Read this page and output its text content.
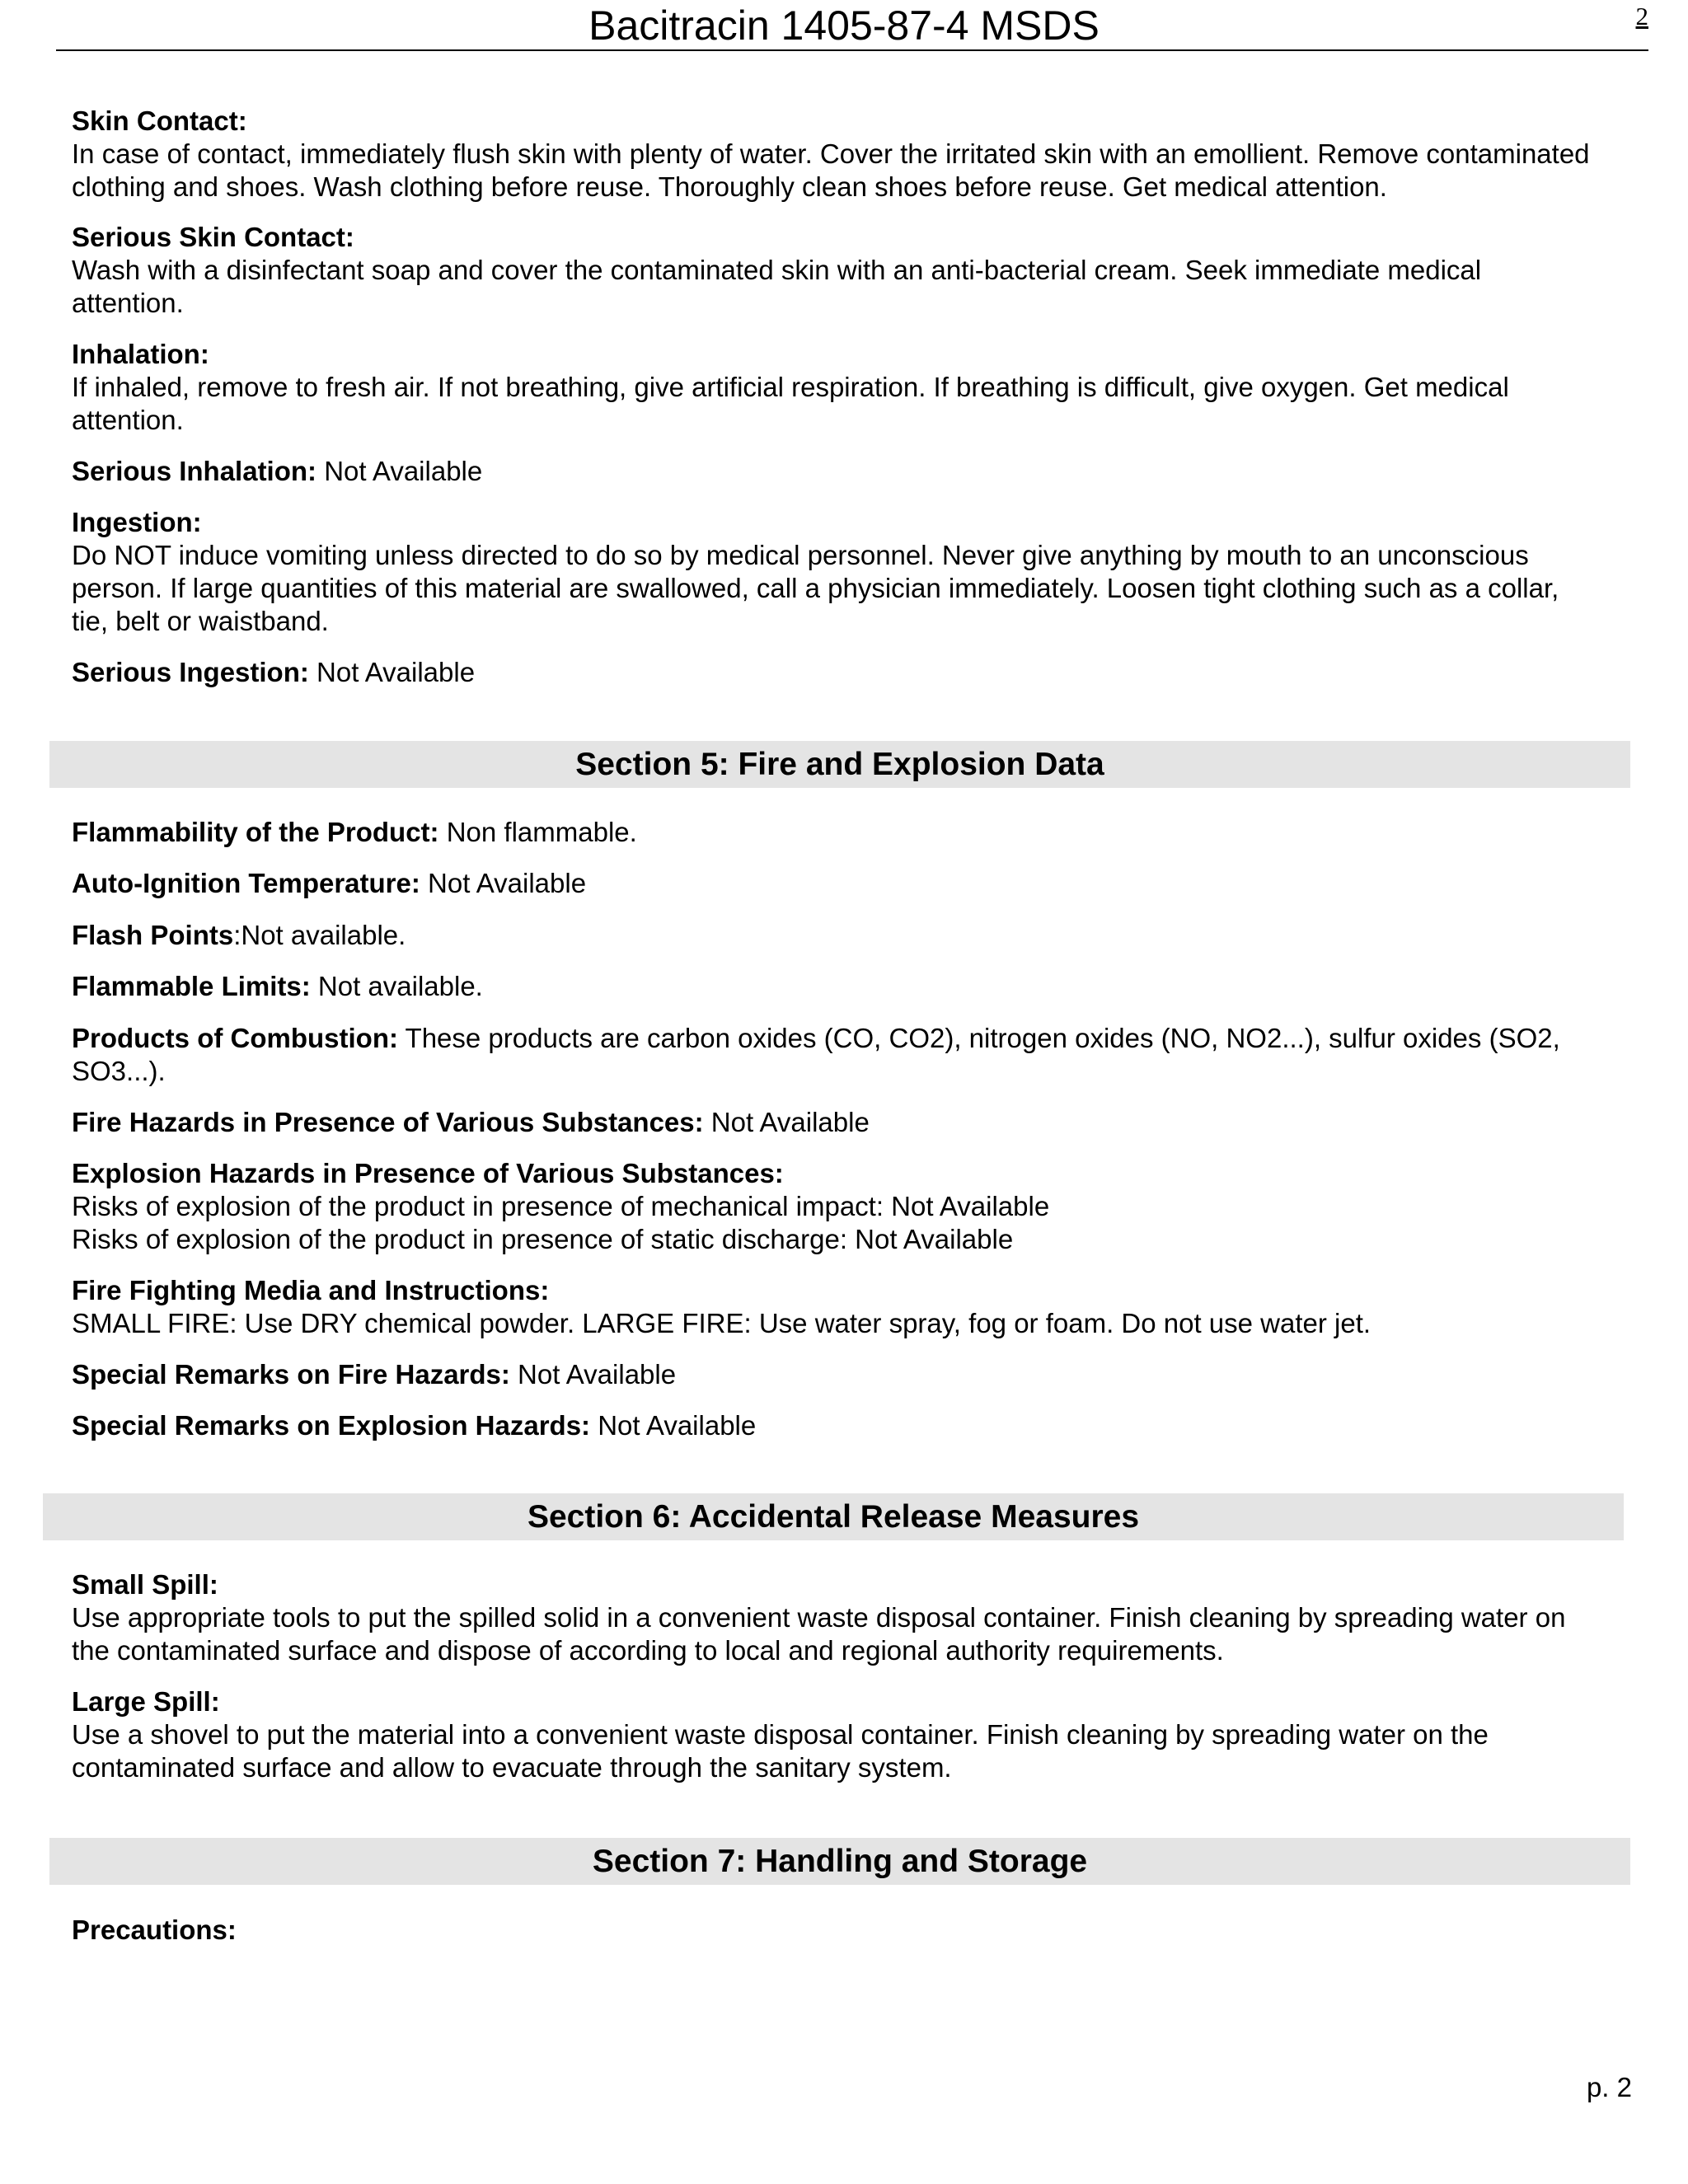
Bacitracin 1405-87-4 MSDS	2
Skin Contact:
In case of contact, immediately flush skin with plenty of water. Cover the irritated skin with an emollient. Remove contaminated
clothing and shoes. Wash clothing before reuse. Thoroughly clean shoes before reuse. Get medical attention.
Serious Skin Contact:
Wash with a disinfectant soap and cover the contaminated skin with an anti-bacterial cream. Seek immediate medical
attention.
Inhalation:
If inhaled, remove to fresh air. If not breathing, give artificial respiration. If breathing is difficult, give oxygen. Get medical
attention.
Serious Inhalation: Not Available
Ingestion:
Do NOT induce vomiting unless directed to do so by medical personnel. Never give anything by mouth to an unconscious
person. If large quantities of this material are swallowed, call a physician immediately. Loosen tight clothing such as a collar,
tie, belt or waistband.
Serious Ingestion: Not Available
Section 5: Fire and Explosion Data
Flammability of the Product: Non flammable.
Auto-Ignition Temperature: Not Available
Flash Points:Not available.
Flammable Limits: Not available.
Products of Combustion: These products are carbon oxides (CO, CO2), nitrogen oxides (NO, NO2...), sulfur oxides (SO2,
SO3...).
Fire Hazards in Presence of Various Substances: Not Available
Explosion Hazards in Presence of Various Substances:
Risks of explosion of the product in presence of mechanical impact: Not Available
Risks of explosion of the product in presence of static discharge: Not Available
Fire Fighting Media and Instructions:
SMALL FIRE: Use DRY chemical powder. LARGE FIRE: Use water spray, fog or foam. Do not use water jet.
Special Remarks on Fire Hazards: Not Available
Special Remarks on Explosion Hazards: Not Available
Section 6: Accidental Release Measures
Small Spill:
Use appropriate tools to put the spilled solid in a convenient waste disposal container. Finish cleaning by spreading water on
the contaminated surface and dispose of according to local and regional authority requirements.
Large Spill:
Use a shovel to put the material into a convenient waste disposal container. Finish cleaning by spreading water on the
contaminated surface and allow to evacuate through the sanitary system.
Section 7: Handling and Storage
Precautions:
p. 2
